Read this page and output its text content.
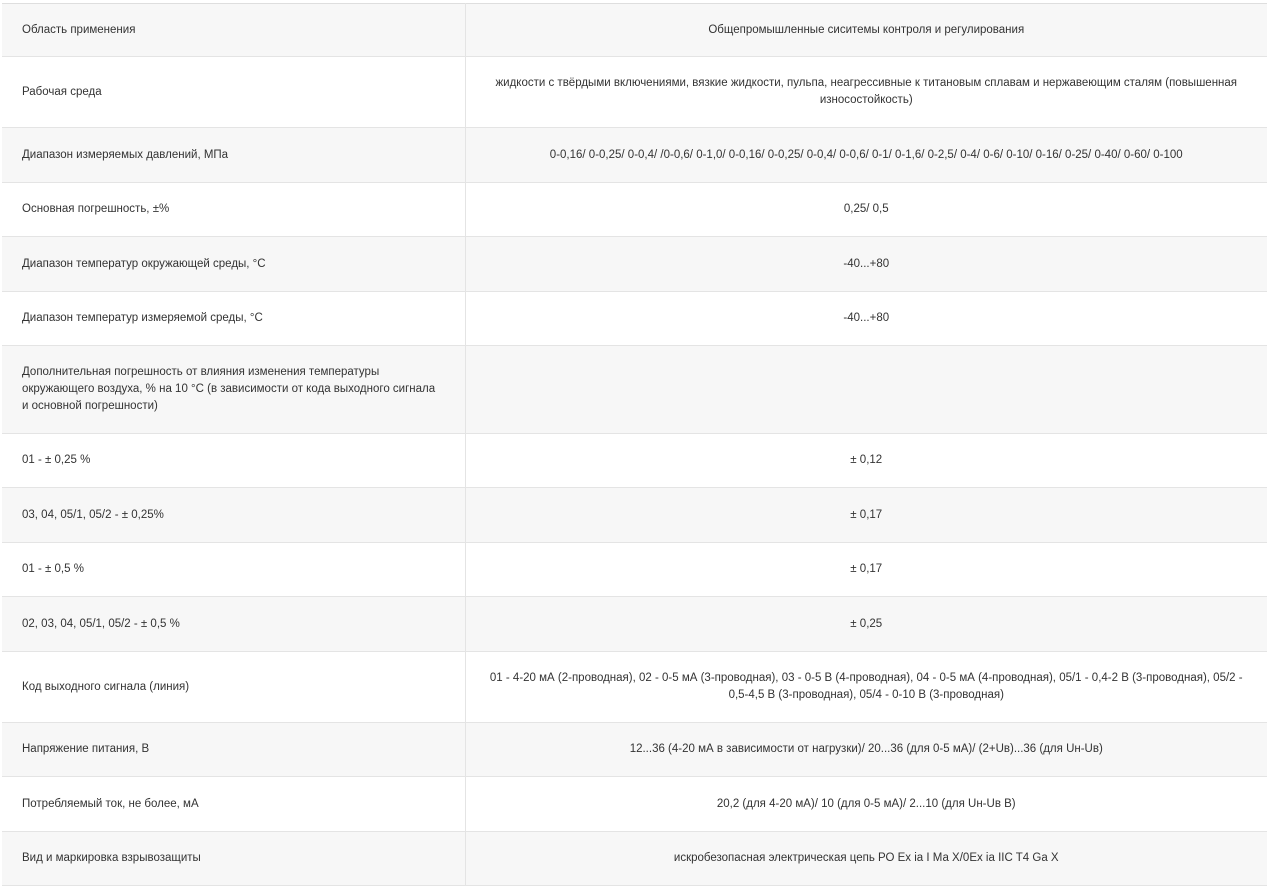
Область применения	Общепромышленные сиситемы контроля и регулирования
Рабочая среда	жидкости с твёрдыми включениями, вязкие жидкости, пульпа, неагрессивные к титановым сплавам и нержавеющим сталям (повышенная износостойкость)
Диапазон измеряемых давлений, МПа	0-0,16/ 0-0,25/ 0-0,4/ /0-0,6/ 0-1,0/ 0-0,16/ 0-0,25/ 0-0,4/ 0-0,6/ 0-1/ 0-1,6/ 0-2,5/ 0-4/ 0-6/ 0-10/ 0-16/ 0-25/ 0-40/ 0-60/ 0-100
Основная погрешность, ±%	0,25/ 0,5
Диапазон температур окружающей среды, °С	-40...+80
Диапазон температур измеряемой среды, °С	-40...+80
Дополнительная погрешность от влияния изменения температуры окружающего воздуха, % на 10 °С (в зависимости от кода выходного сигнала и основной погрешности)	
01 - ± 0,25 %	± 0,12
03, 04, 05/1, 05/2 - ± 0,25%	± 0,17
01 - ± 0,5 %	± 0,17
02, 03, 04, 05/1, 05/2 - ± 0,5 %	± 0,25
Код выходного сигнала (линия)	01 - 4-20 мА (2-проводная), 02 - 0-5 мА (3-проводная), 03 - 0-5 В (4-проводная), 04 - 0-5 мА (4-проводная), 05/1 - 0,4-2 В (3-проводная), 05/2 - 0,5-4,5 В (3-проводная), 05/4 - 0-10 В (3-проводная)
Напряжение питания, В	12...36 (4-20 мА в зависимости от нагрузки)/ 20...36 (для 0-5 мА)/ (2+Uв)...36 (для Uн-Uв)
Потребляемый ток, не более, мА	20,2 (для 4-20 мА)/ 10 (для 0-5 мА)/ 2...10 (для Uн-Uв В)
Вид и маркировка взрывозащиты	искробезопасная электрическая цепь РО Ех ia I Ма Х/0Ех ia IIC T4 Ga X
